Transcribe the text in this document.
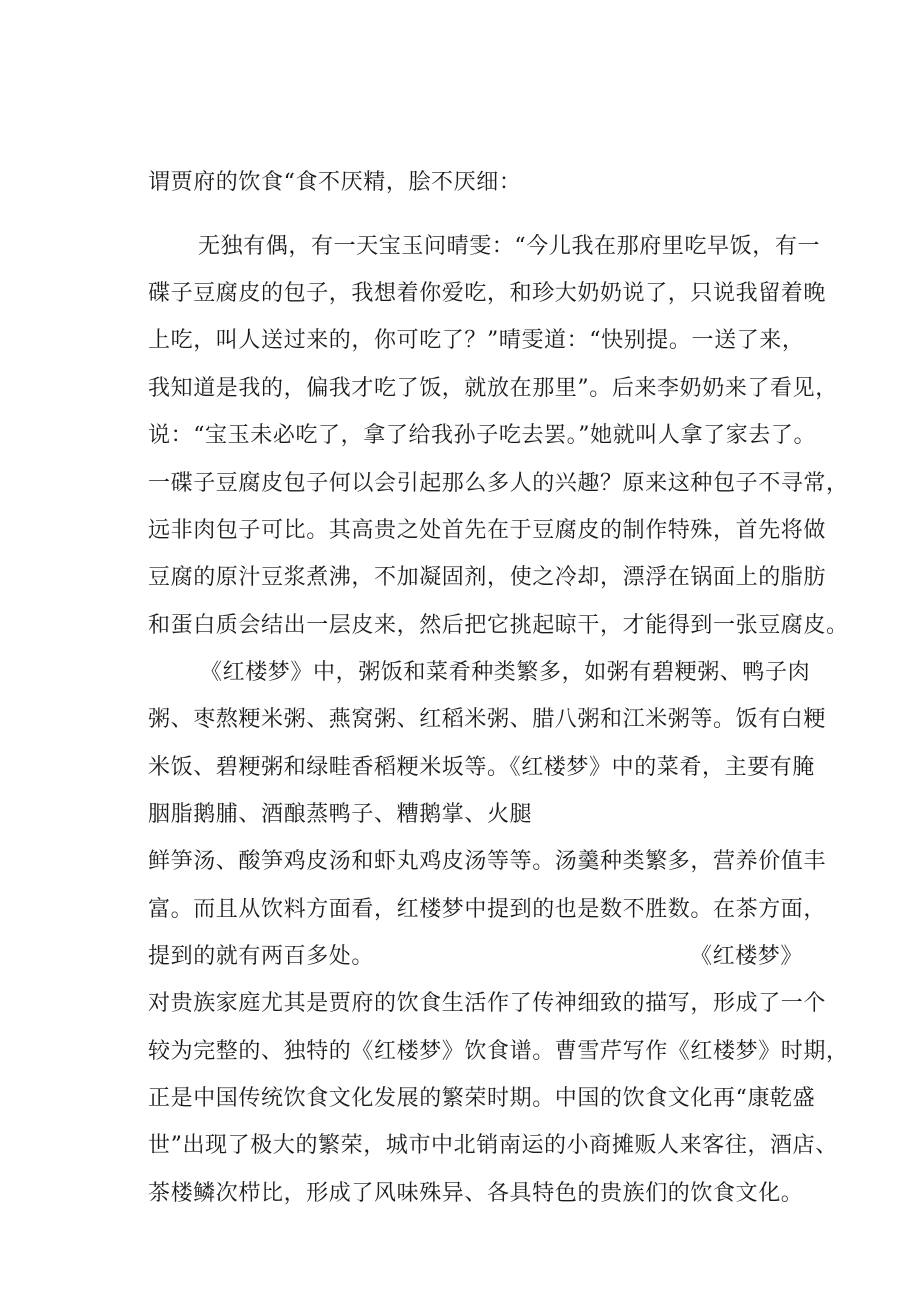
谓贾府的饮食“食不厌精，脍不厌细：
无独有偶，有一天宝玉问晴雯：“今儿我在那府里吃早饭，有一
碟子豆腐皮的包子，我想着你爱吃，和珍大奶奶说了，只说我留着晚
上吃，叫人送过来的，你可吃了？”晴雯道：“快别提。一送了来，
我知道是我的，偏我才吃了饭，就放在那里”。后来李奶奶来了看见，
说：“宝玉未必吃了，拿了给我孙子吃去罢。”她就叫人拿了家去了。
一碟子豆腐皮包子何以会引起那么多人的兴趣？原来这种包子不寻常，
远非肉包子可比。其高贵之处首先在于豆腐皮的制作特殊，首先将做
豆腐的原汁豆浆煮沸，不加凝固剂，使之冷却，漂浮在锅面上的脂肪
和蛋白质会结出一层皮来，然后把它挑起晾干，才能得到一张豆腐皮。
《红楼梦》中，粥饭和菜肴种类繁多，如粥有碧粳粥、鸭子肉
粥、枣熬粳米粥、燕窝粥、红稻米粥、腊八粥和江米粥等。饭有白粳
米饭、碧粳粥和绿畦香稻粳米坂等。《红楼梦》中的菜肴，主要有腌
胭脂鹅脯、酒酿蒸鸭子、糟鹅掌、火腿
鲜笋汤、酸笋鸡皮汤和虾丸鸡皮汤等等。汤羹种类繁多，营养价值丰
富。而且从饮料方面看，红楼梦中提到的也是数不胜数。在茶方面，
提到的就有两百多处。	《红楼梦》
对贵族家庭尤其是贾府的饮食生活作了传神细致的描写，形成了一个
较为完整的、独特的《红楼梦》饮食谱。曹雪芹写作《红楼梦》时期，
正是中国传统饮食文化发展的繁荣时期。中国的饮食文化再“康乾盛
世”出现了极大的繁荣，城市中北销南运的小商摊贩人来客往，酒店、
茶楼鳞次栉比，形成了风味殊异、各具特色的贵族们的饮食文化。
